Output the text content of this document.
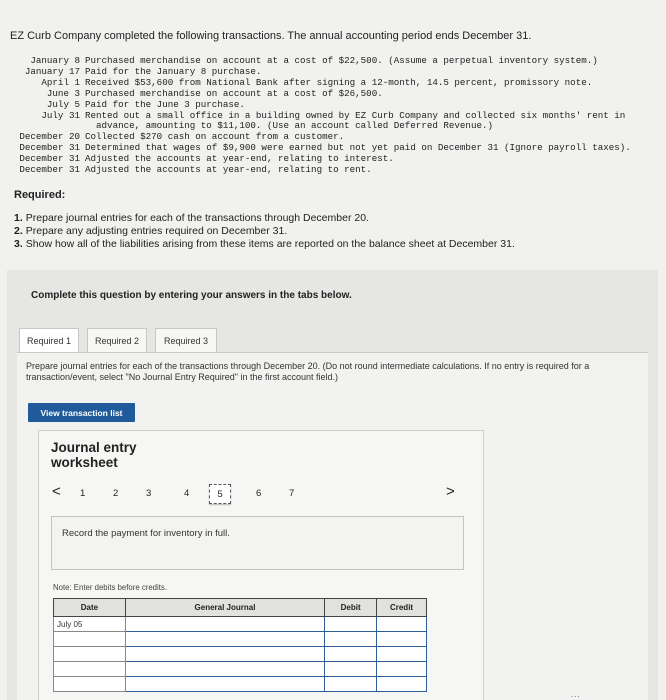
EZ Curb Company completed the following transactions. The annual accounting period ends December 31.
January 8 Purchased merchandise on account at a cost of $22,500. (Assume a perpetual inventory system.)
January 17 Paid for the January 8 purchase.
April 1 Received $53,600 from National Bank after signing a 12-month, 14.5 percent, promissory note.
June 3 Purchased merchandise on account at a cost of $26,500.
July 5 Paid for the June 3 purchase.
July 31 Rented out a small office in a building owned by EZ Curb Company and collected six months' rent in
advance, amounting to $11,100. (Use an account called Deferred Revenue.)
December 20 Collected $270 cash on account from a customer.
December 31 Determined that wages of $9,900 were earned but not yet paid on December 31 (Ignore payroll taxes).
December 31 Adjusted the accounts at year-end, relating to interest.
December 31 Adjusted the accounts at year-end, relating to rent.
Required:
1. Prepare journal entries for each of the transactions through December 20.
2. Prepare any adjusting entries required on December 31.
3. Show how all of the liabilities arising from these items are reported on the balance sheet at December 31.
Complete this question by entering your answers in the tabs below.
Required 1	Required 2	Required 3
Prepare journal entries for each of the transactions through December 20. (Do not round intermediate calculations. If no entry is required for a transaction/event, select "No Journal Entry Required" in the first account field.)
View transaction list
Journal entry worksheet
< 1	2	3	4	5	6	7	>
Record the payment for inventory in full.
Note: Enter debits before credits.
Date	General Journal	Debit	Credit
July 05			

...
